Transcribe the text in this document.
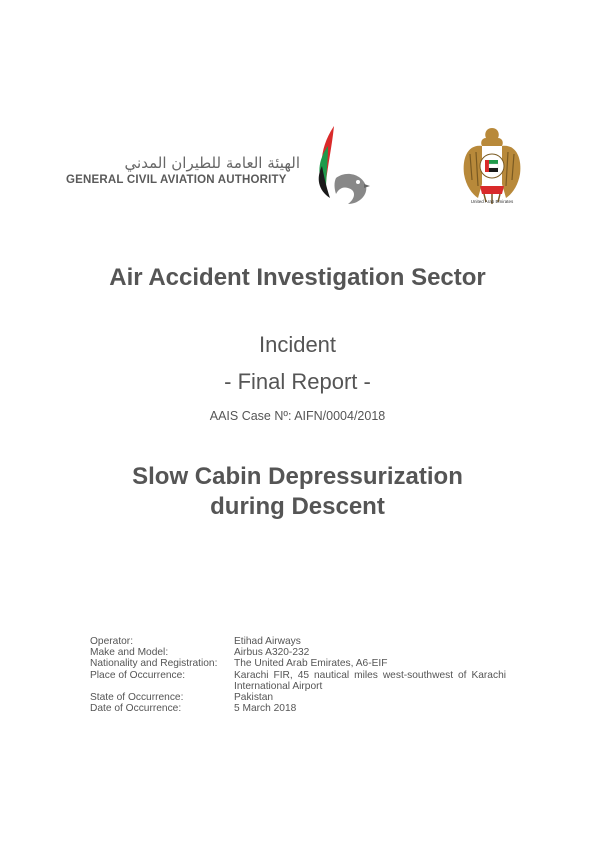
الهيئة العامة للطيران المدني
GENERAL CIVIL AVIATION AUTHORITY
United Arab Emirates
Air Accident Investigation Sector
Incident
- Final Report -
AAIS Case Nº: AIFN/0004/2018
Slow Cabin Depressurization
during Descent
Operator:	Etihad Airways
Make and Model:	Airbus A320-232
Nationality and Registration:	The United Arab Emirates, A6-EIF
Place of Occurrence:	Karachi FIR, 45 nautical miles west-southwest of Karachi International Airport
State of Occurrence:	Pakistan
Date of Occurrence:	5 March 2018
